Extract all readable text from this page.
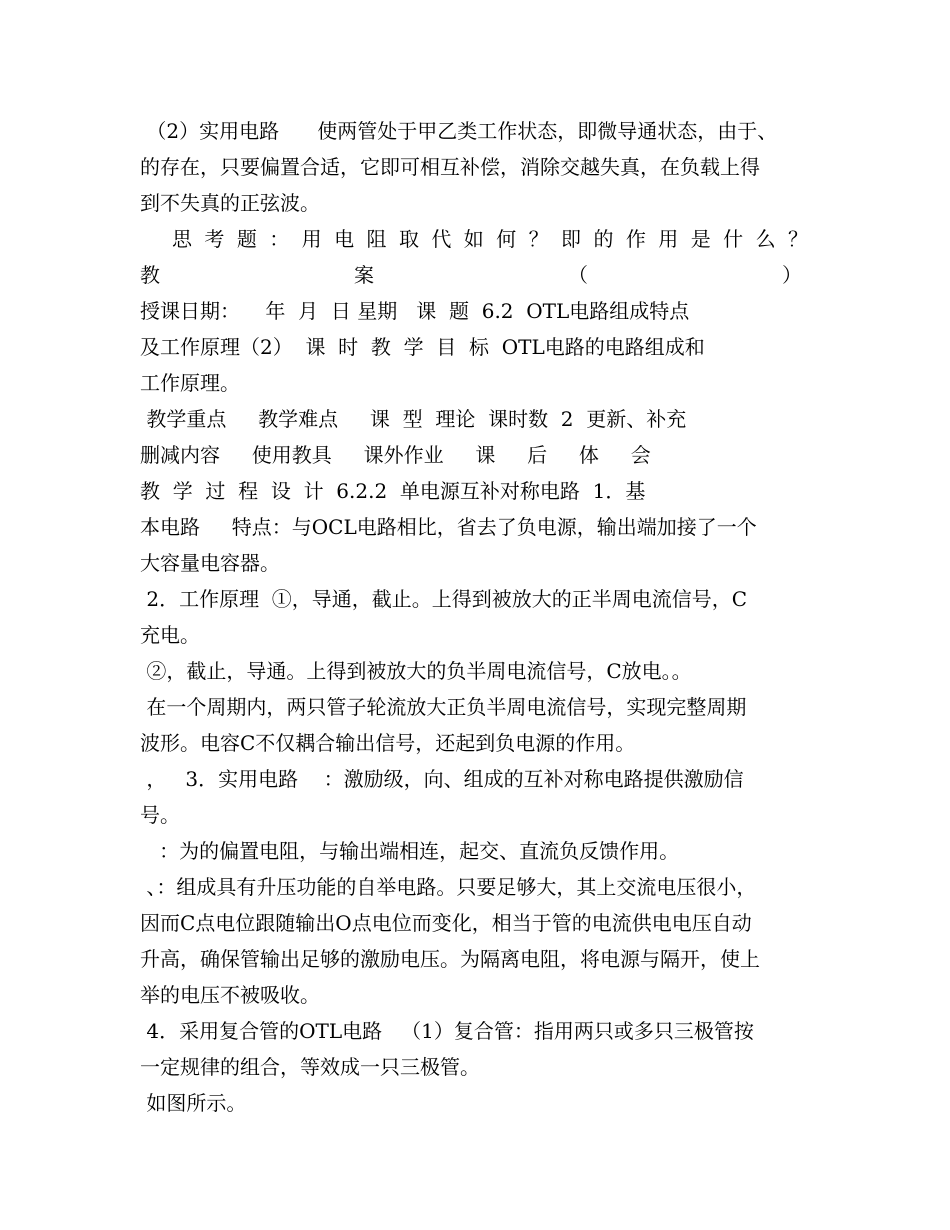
（2）实用电路      使两管处于甲乙类工作状态，即微导通状态，由于、
的存在，只要偏置合适，它即可相互补偿，消除交越失真，在负载上得
到不失真的正弦波。
思 考 题 ： 用 电 阻 取 代 如 何 ？ 即 的 作 用 是 什 么 ？
教 案 （ ）
授课日期：    年  月  日 星期   课  题  6.2  OTL电路组成特点
及工作原理（2）  课  时  教  学  目  标  OTL电路的电路组成和
工作原理。
教学重点     教学难点     课  型  理论  课时数  2  更新、补充
删减内容     使用教具     课外作业     课     后     体     会
教  学  过  程  设  计  6.2.2  单电源互补对称电路  1．基
本电路     特点：与OCL电路相比，省去了负电源，输出端加接了一个
大容量电容器。
2．工作原理  ①，导通，截止。上得到被放大的正半周电流信号，C
充电。
②，截止，导通。上得到被放大的负半周电流信号，C放电。。
在一个周期内，两只管子轮流放大正负半周电流信号，实现完整周期
波形。电容C不仅耦合输出信号，还起到负电源的作用。
，   3．实用电路    ：激励级，向、组成的互补对称电路提供激励信
号。
：为的偏置电阻，与输出端相连，起交、直流负反馈作用。
、：组成具有升压功能的自举电路。只要足够大，其上交流电压很小，
因而C点电位跟随输出O点电位而变化，相当于管的电流供电电压自动
升高，确保管输出足够的激励电压。为隔离电阻，将电源与隔开，使上
举的电压不被吸收。
4．采用复合管的OTL电路   （1）复合管：指用两只或多只三极管按
一定规律的组合，等效成一只三极管。
如图所示。
